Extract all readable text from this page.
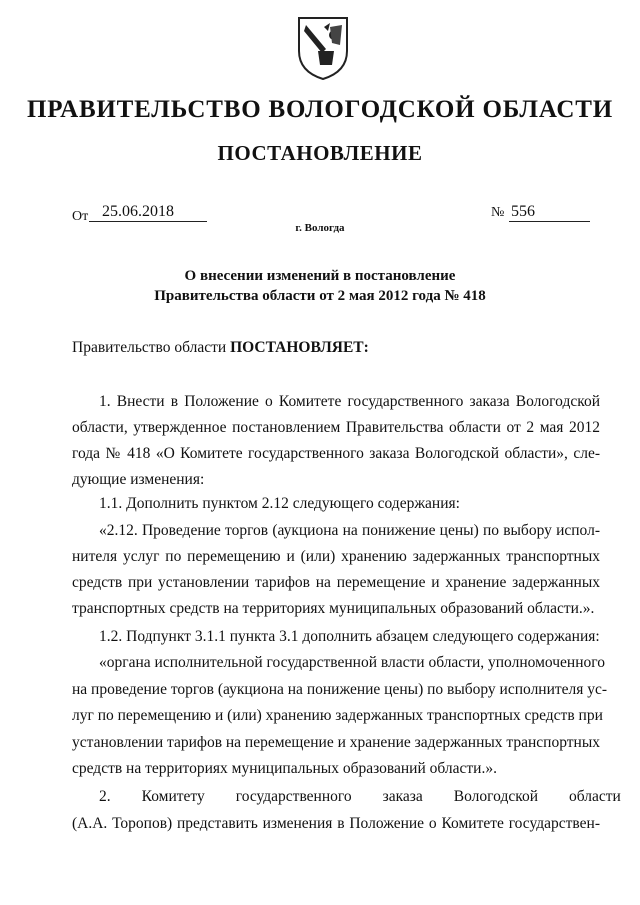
ПРАВИТЕЛЬСТВО ВОЛОГОДСКОЙ ОБЛАСТИ
ПОСТАНОВЛЕНИЕ
От 25.06.2018	№ 556
г. Вологда
О внесении изменений в постановление
Правительства области от 2 мая 2012 года № 418
Правительство области ПОСТАНОВЛЯЕТ:
1. Внести в Положение о Комитете государственного заказа Вологодской
области, утвержденное постановлением Правительства области от 2 мая 2012
года № 418 «О Комитете государственного заказа Вологодской области», сле-
дующие изменения:
1.1. Дополнить пунктом 2.12 следующего содержания:
«2.12. Проведение торгов (аукциона на понижение цены) по выбору испол-
нителя услуг по перемещению и (или) хранению задержанных транспортных
средств при установлении тарифов на перемещение и хранение задержанных
транспортных средств на территориях муниципальных образований области.».
1.2. Подпункт 3.1.1 пункта 3.1 дополнить абзацем следующего содержания:
«органа исполнительной государственной власти области, уполномоченного
на проведение торгов (аукциона на понижение цены) по выбору исполнителя ус-
луг по перемещению и (или) хранению задержанных транспортных средств при
установлении тарифов на перемещение и хранение задержанных транспортных
средств на территориях муниципальных образований области.».
2.        Комитету        государственного        заказа        Вологодской        области
(А.А. Торопов) представить изменения в Положение о Комитете государствен-
